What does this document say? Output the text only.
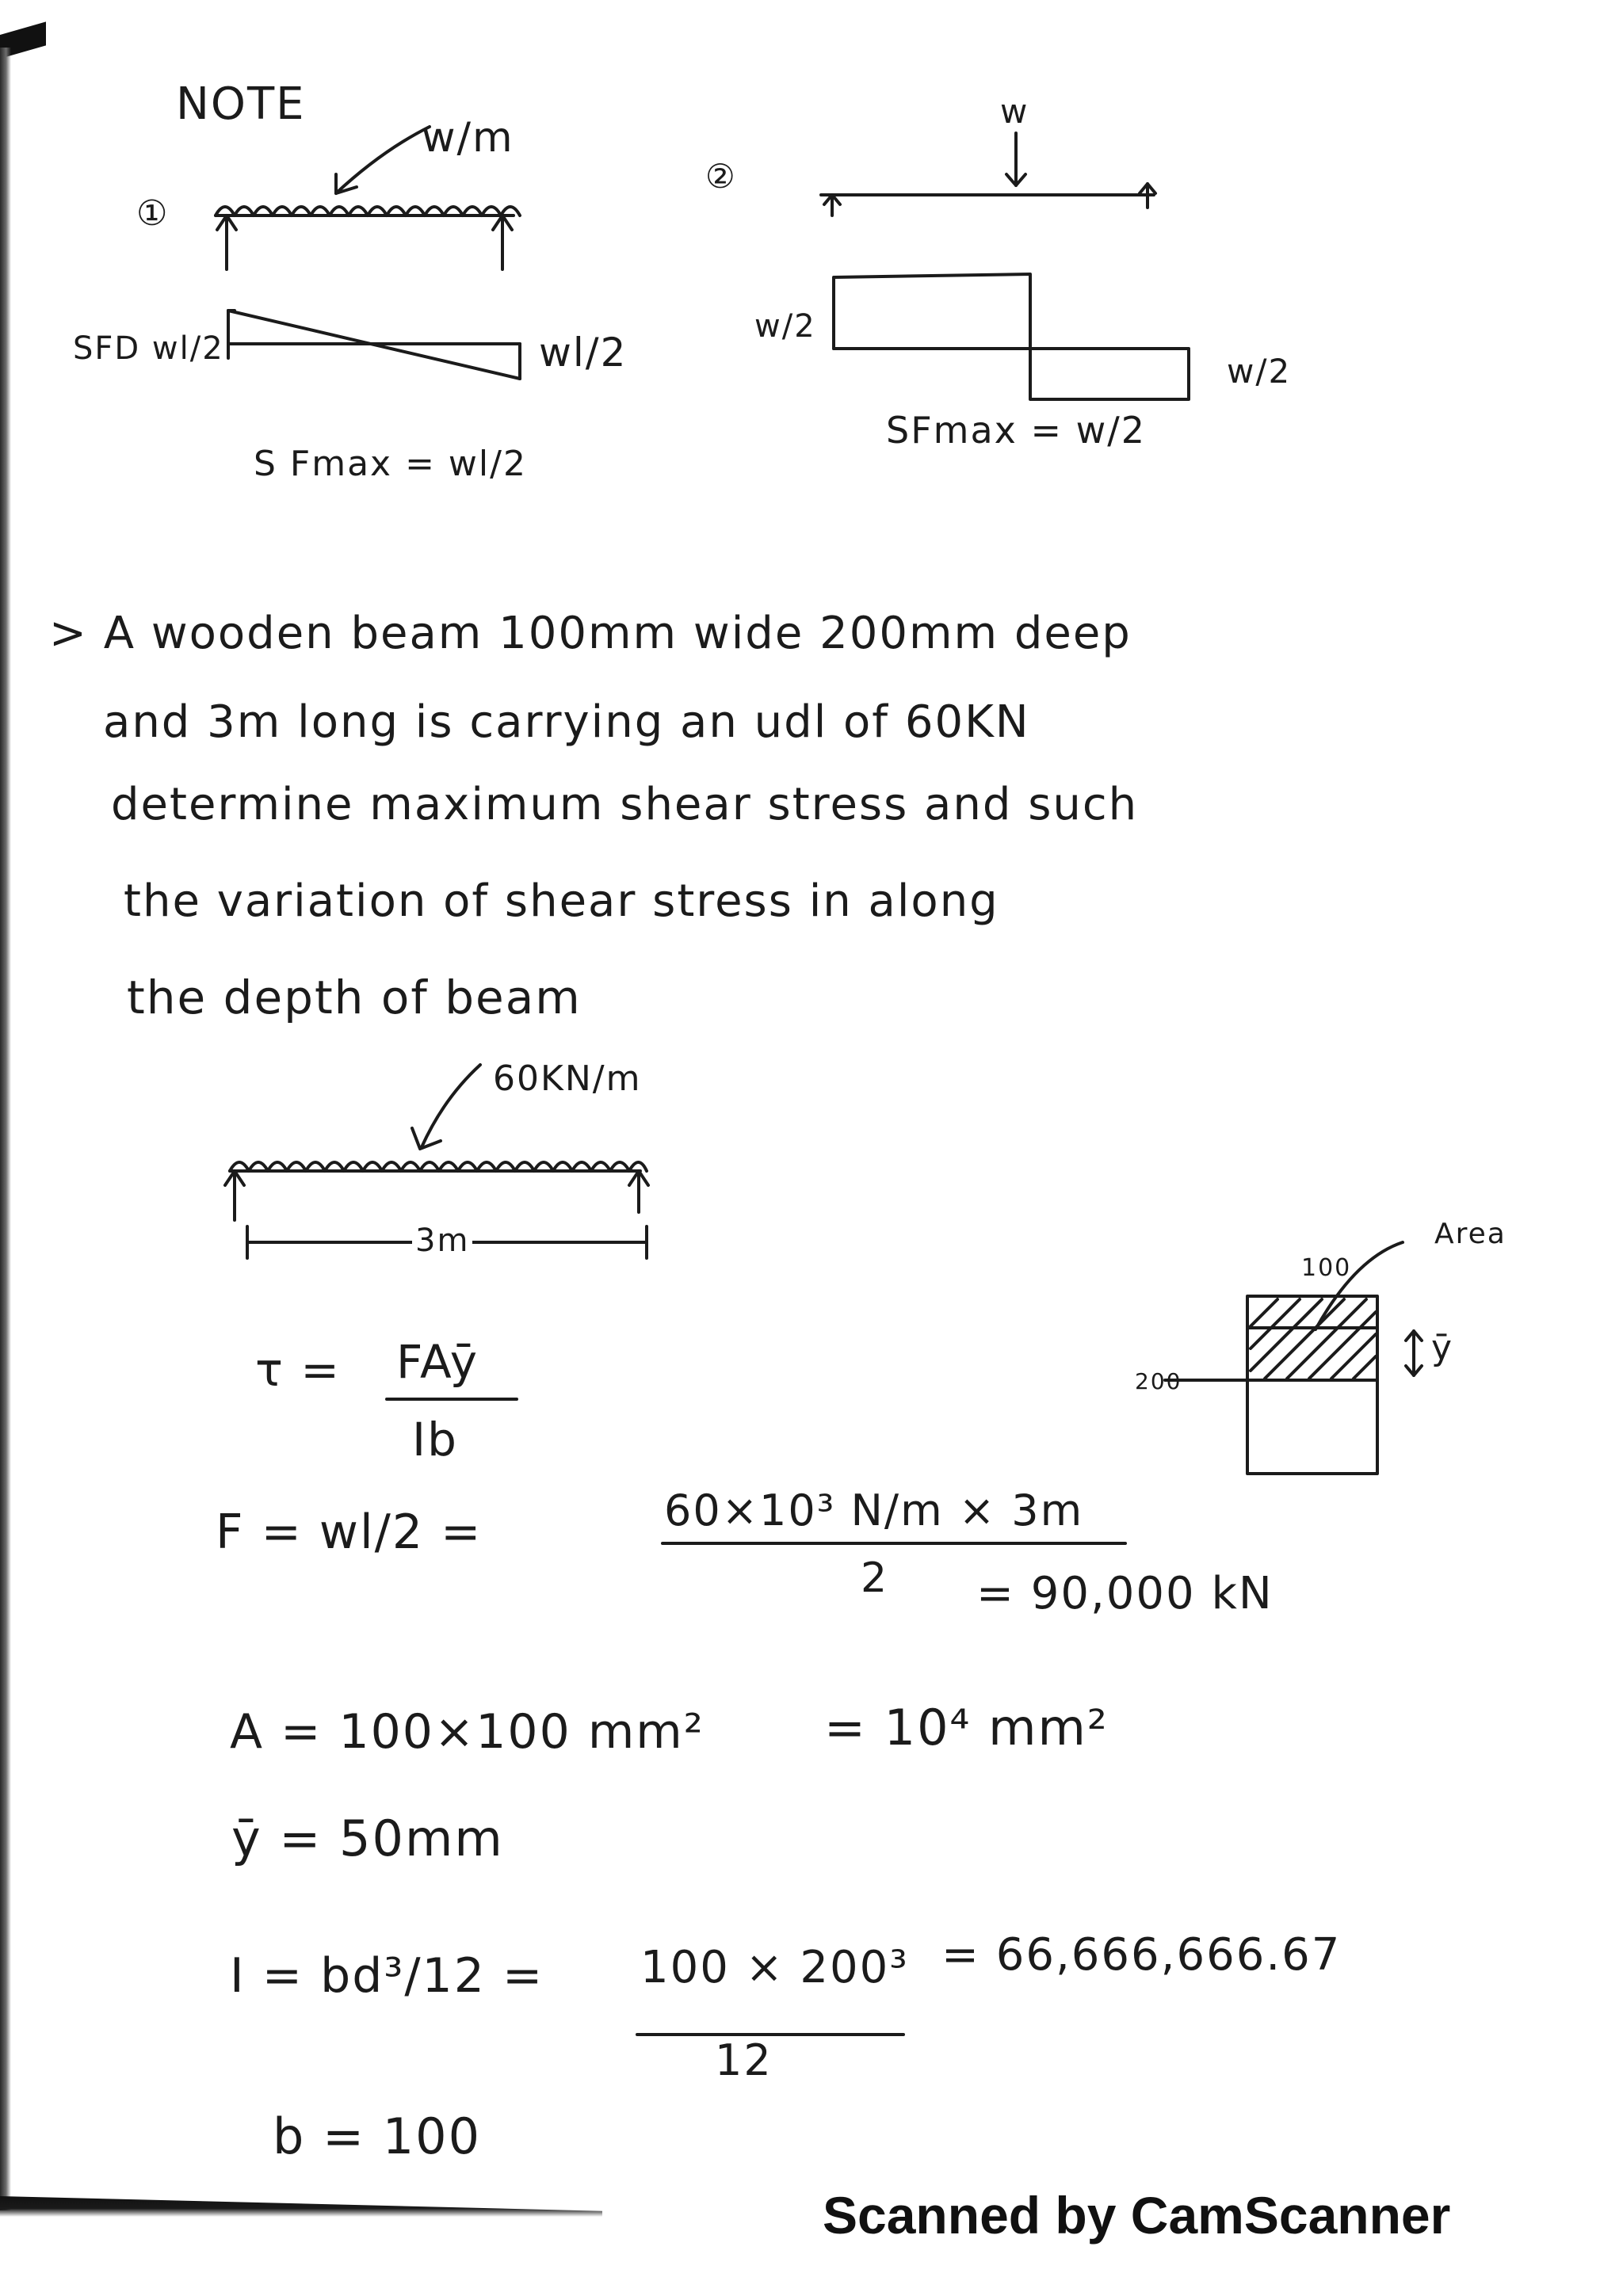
NOTE
①
w/m
SFD wl/2	wl/2
S Fmax = wl/2
②
w
w/2
w/2
SFmax = w/2
> A wooden beam 100mm wide 200mm deep
and 3m long is carrying an udl of 60KN
determine maximum shear stress and such
the variation of shear stress in along
the depth of beam
60KN/m
3m
100
200
Area
ȳ
τ = FAȳ
Ib
F = wl/2 =	60×10³ N/m × 3m
2 = 90,000 kN
A = 100×100 mm² = 10⁴ mm²
ȳ = 50mm
I = bd³/12 = 100 × 200³
12
= 66,666,666.67
b = 100
Scanned by CamScanner
